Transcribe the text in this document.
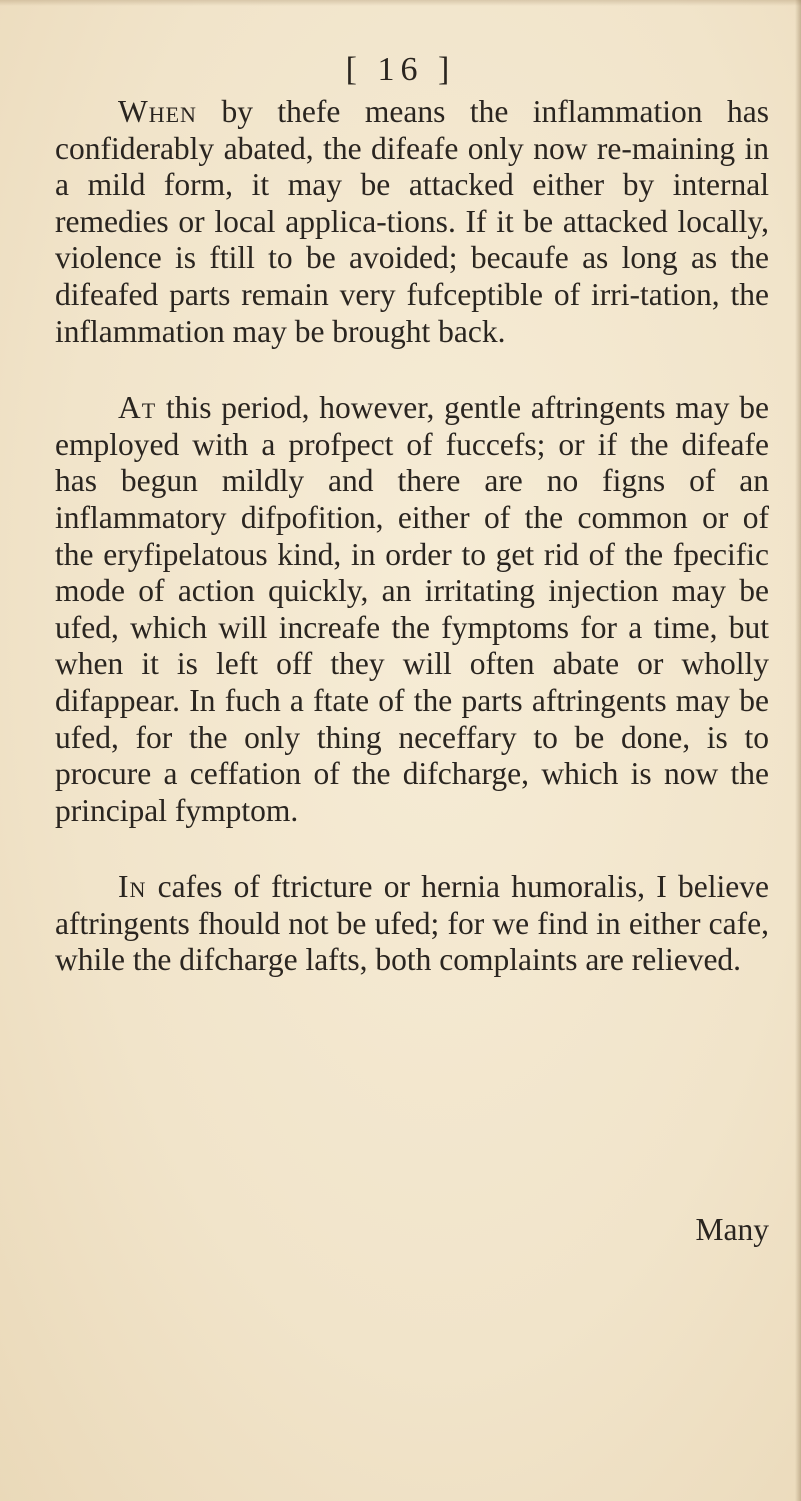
[ 16 ]

When by thefe means the inflammation has confiderably abated, the difeafe only now re-maining in a mild form, it may be attacked either by internal remedies or local applica-tions. If it be attacked locally, violence is ftill to be avoided; becaufe as long as the difeafed parts remain very fufceptible of irri-tation, the inflammation may be brought back.

At this period, however, gentle aftringents may be employed with a profpect of fuccefs; or if the difeafe has begun mildly and there are no figns of an inflammatory difpofition, either of the common or of the eryfipelatous kind, in order to get rid of the fpecific mode of action quickly, an irritating injection may be ufed, which will increafe the fymptoms for a time, but when it is left off they will often abate or wholly difappear. In fuch a ftate of the parts aftringents may be ufed, for the only thing neceffary to be done, is to procure a ceffation of the difcharge, which is now the principal fymptom.

In cafes of ftricture or hernia humoralis, I believe aftringents fhould not be ufed; for we find in either cafe, while the difcharge lafts, both complaints are relieved.

Many
